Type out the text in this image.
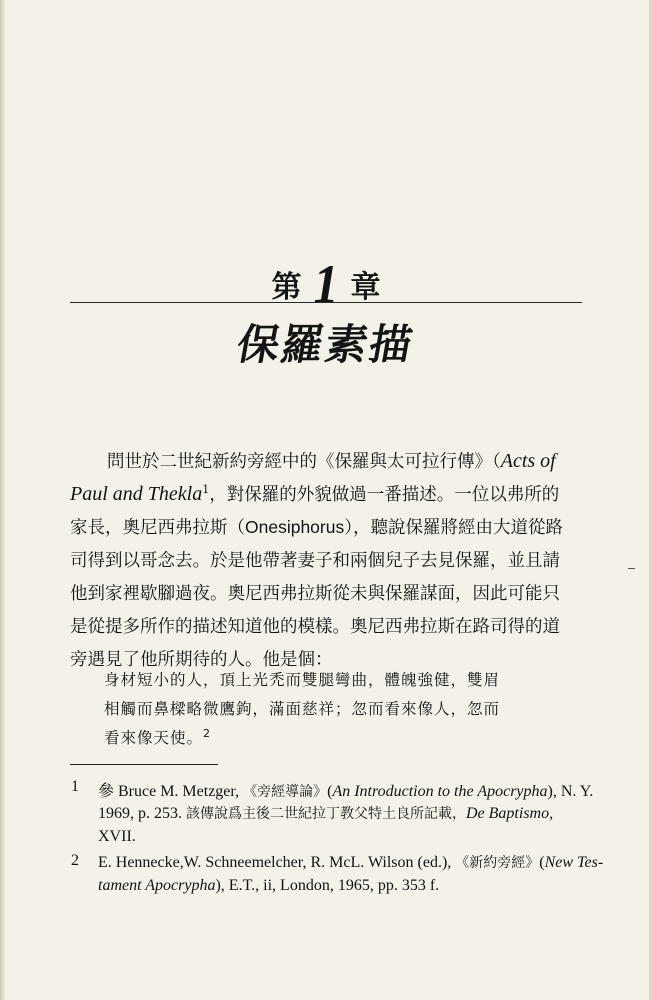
第 1 章
保羅素描
問世於二世紀新約旁經中的《保羅與太可拉行傳》（Acts of
Paul and Thekla$^1$，對保羅的外貌做過一番描述。一位以弗所的
家長，奧尼西弗拉斯（Onesiphorus），聽說保羅將經由大道從路
司得到以哥念去。於是他帶著妻子和兩個兒子去見保羅，並且請
他到家裡歇腳過夜。奧尼西弗拉斯從未與保羅謀面，因此可能只
是從提多所作的描述知道他的模樣。奧尼西弗拉斯在路司得的道
旁遇見了他所期待的人。他是個：
身材短小的人，頂上光禿而雙腿彎曲，體魄強健，雙眉
相觸而鼻樑略微鷹鉤，滿面慈祥；忽而看來像人，忽而
看來像天使。$^2$
1 參 Bruce M. Metzger, 《旁經導論》(An Introduction to the Apocrypha), N. Y.
1969, p. 253. 該傳說爲主後二世紀拉丁教父特土良所記載，De Baptismo,
XVII.
2 E. Hennecke,W. Schneemelcher, R. McL. Wilson (ed.), 《新約旁經》(New Tes-
tament Apocrypha), E.T., ii, London, 1965, pp. 353 f.
